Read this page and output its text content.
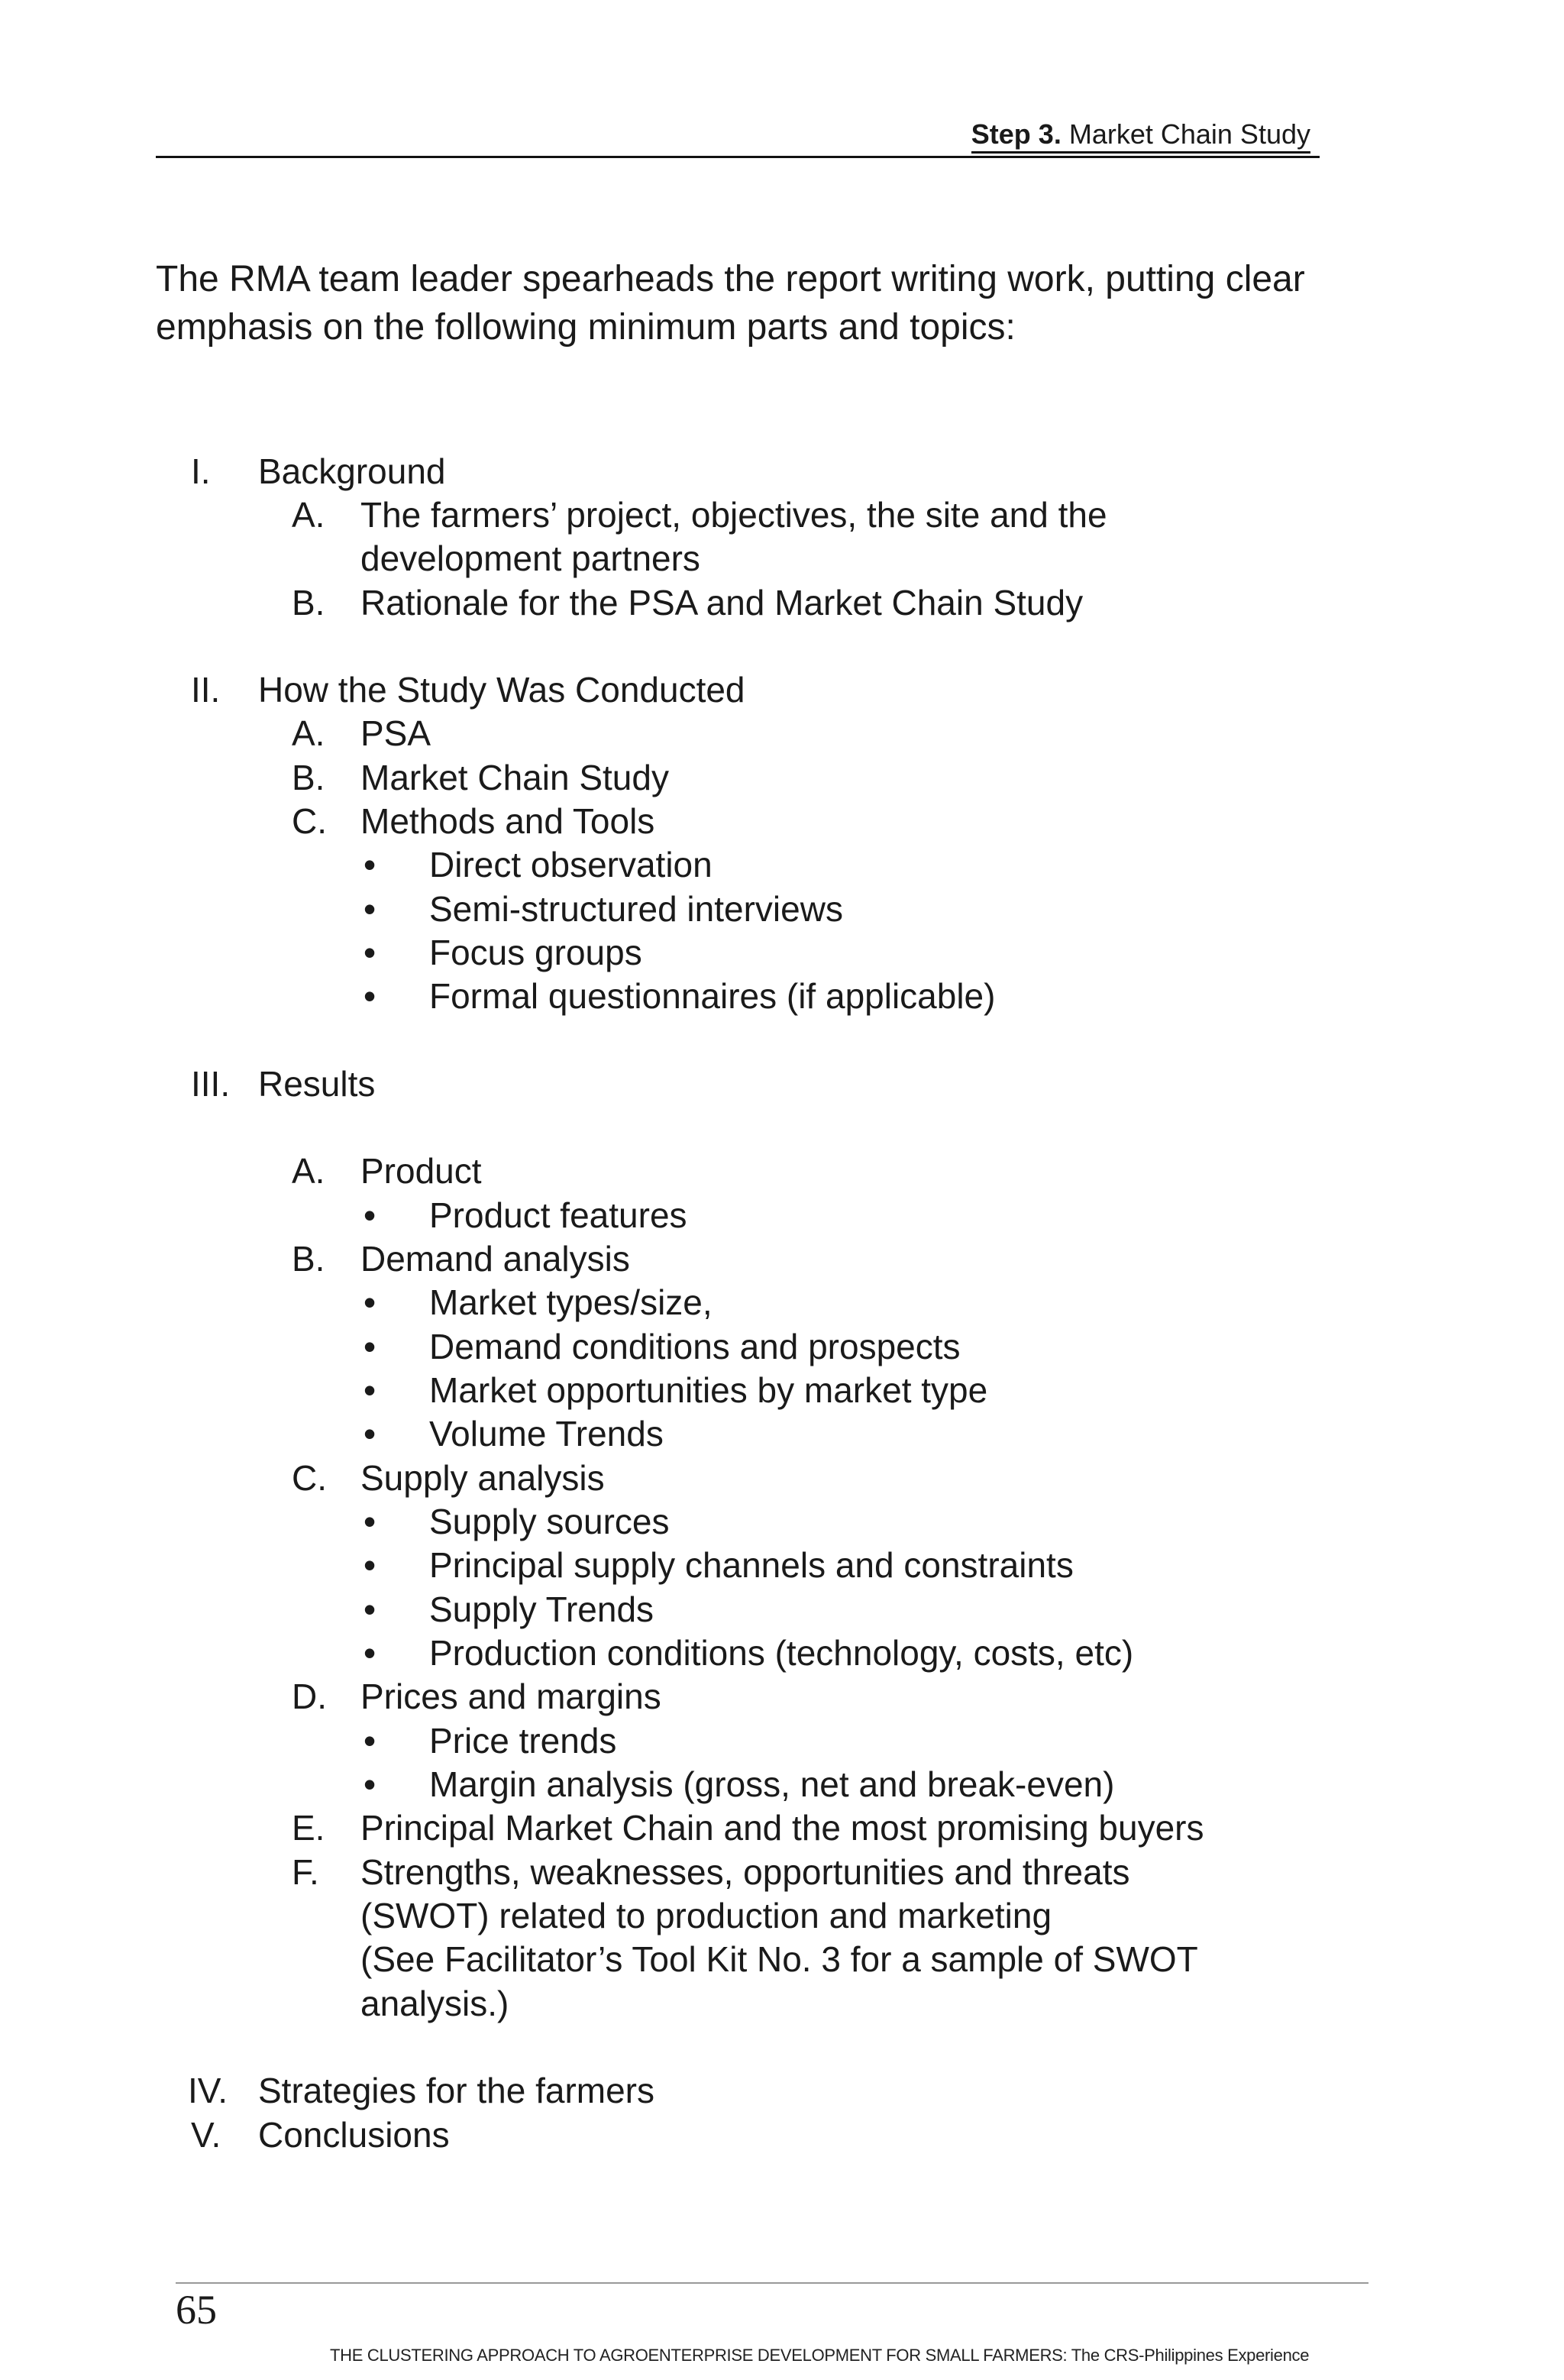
Step 3. Market Chain Study

The RMA team leader spearheads the report writing work, putting clear emphasis on the following minimum parts and topics:

I. Background
A. The farmers’ project, objectives, the site and the
development partners
B. Rationale for the PSA and Market Chain Study
II. How the Study Was Conducted
A. PSA
B. Market Chain Study
C. Methods and Tools
• Direct observation
• Semi-structured interviews
• Focus groups
• Formal questionnaires (if applicable)
III. Results
A. Product
• Product features
B. Demand analysis
• Market types/size,
• Demand conditions and prospects
• Market opportunities by market type
• Volume Trends
C. Supply analysis
• Supply sources
• Principal supply channels and constraints
• Supply Trends
• Production conditions (technology, costs, etc)
D. Prices and margins
• Price trends
• Margin analysis (gross, net and break-even)
E. Principal Market Chain and the most promising buyers
F. Strengths, weaknesses, opportunities and threats
(SWOT) related to production and marketing
(See Facilitator’s Tool Kit No. 3 for a sample of SWOT
analysis.)
IV. Strategies for the farmers
V. Conclusions
65
THE CLUSTERING APPROACH TO AGROENTERPRISE DEVELOPMENT FOR SMALL FARMERS: The CRS-Philippines Experience
